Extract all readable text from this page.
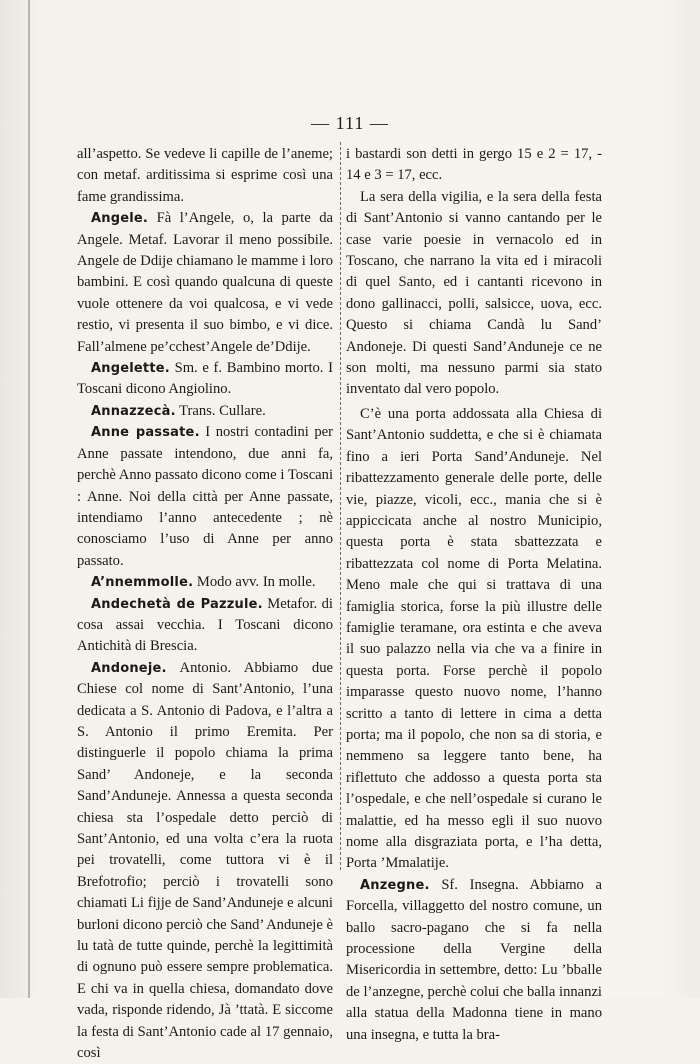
— 111 —

all’aspetto. Se vedeve li capille de l’aneme; con metaf. arditissima si esprime così una fame grandissima.

Angele. Fà l’Angele, o, la parte da Angele. Metaf. Lavorar il meno possibile. Angele de Ddije chiamano le mamme i loro bambini. E così quando qualcuna di queste vuole ottenere da voi qualcosa, e vi vede restio, vi presenta il suo bimbo, e vi dice. Fall’almene pe’cchest’Angele de’Ddije.

Angelette. Sm. e f. Bambino morto. I Toscani dicono Angiolino.

Annazzecà. Trans. Cullare.

Anne passate. I nostri contadini per Anne passate intendono, due anni fa, perchè Anno passato dicono come i Toscani : Anne. Noi della città per Anne passate, intendiamo l’anno antecedente ; nè conosciamo l’uso di Anne per anno passato.

A’nnemmolle. Modo avv. In molle.

Andechetà de Pazzule. Metafor. di cosa assai vecchia. I Toscani dicono Antichità di Brescia.

Andoneje. Antonio. Abbiamo due Chiese col nome di Sant’Antonio, l’una dedicata a S. Antonio di Padova, e l’altra a S. Antonio il primo Eremita. Per distinguerle il popolo chiama la prima Sand’ Andoneje, e la seconda Sand’Anduneje. Annessa a questa seconda chiesa sta l’ospedale detto perciò di Sant’Antonio, ed una volta c’era la ruota pei trovatelli, come tuttora vi è il Brefotrofio; perciò i trovatelli sono chiamati Li fijje de Sand’Anduneje e alcuni burloni dicono perciò che Sand’ Anduneje è lu tatà de tutte quinde, perchè la legittimità di ognuno può essere sempre problematica. E chi va in quella chiesa, domandato dove vada, risponde ridendo, Jà ’ttatà. E siccome la festa di Sant’Antonio cade al 17 gennaio, così

i bastardi son detti in gergo 15 e 2 = 17, - 14 e 3 = 17, ecc.

La sera della vigilia, e la sera della festa di Sant’Antonio si vanno cantando per le case varie poesie in vernacolo ed in Toscano, che narrano la vita ed i miracoli di quel Santo, ed i cantanti ricevono in dono gallinacci, polli, salsicce, uova, ecc. Questo si chiama Candà lu Sand’ Andoneje. Di questi Sand’Anduneje ce ne son molti, ma nessuno parmi sia stato inventato dal vero popolo.

C’è una porta addossata alla Chiesa di Sant’Antonio suddetta, e che si è chiamata fino a ieri Porta Sand’Anduneje. Nel ribattezzamento generale delle porte, delle vie, piazze, vicoli, ecc., mania che si è appiccicata anche al nostro Municipio, questa porta è stata sbattezzata e ribattezzata col nome di Porta Melatina. Meno male che qui si trattava di una famiglia storica, forse la più illustre delle famiglie teramane, ora estinta e che aveva il suo palazzo nella via che va a finire in questa porta. Forse perchè il popolo imparasse questo nuovo nome, l’hanno scritto a tanto di lettere in cima a detta porta; ma il popolo, che non sa di storia, e nemmeno sa leggere tanto bene, ha riflettuto che addosso a questa porta sta l’ospedale, e che nell’ospedale si curano le malattie, ed ha messo egli il suo nuovo nome alla disgraziata porta, e l’ha detta, Porta ’Mmalatije.

Anzegne. Sf. Insegna. Abbiamo a Forcella, villaggetto del nostro comune, un ballo sacro-pagano che si fa nella processione della Vergine della Misericordia in settembre, detto: Lu ’bballe de l’anzegne, perchè colui che balla innanzi alla statua della Madonna tiene in mano una insegna, e tutta la bra-
